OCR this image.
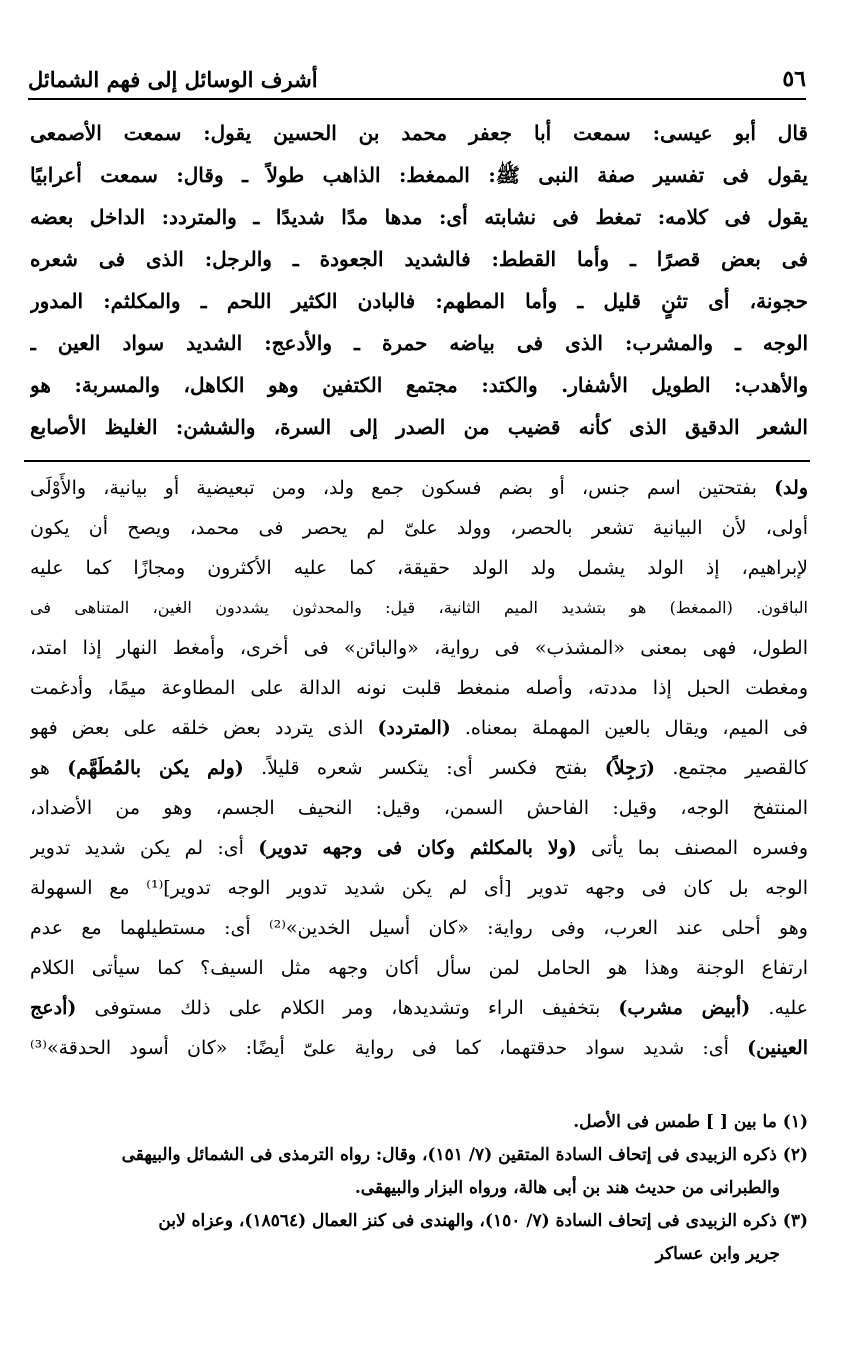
أشرف الوسائل إلى فهم الشمائل	٥٦
قال أبو عيسى: سمعت أبا جعفر محمد بن الحسين يقول: سمعت الأصمعى
يقول فى تفسير صفة النبى ﷺ: الممغط: الذاهب طولاً ـ وقال: سمعت أعرابيًا
يقول فى كلامه: تمغط فى نشابته أى: مدها مدًا شديدًا ـ والمتردد: الداخل بعضه
فى بعض قصرًا ـ وأما القطط: فالشديد الجعودة ـ والرجل: الذى فى شعره
حجونة، أى تثنٍ قليل ـ وأما المطهم: فالبادن الكثير اللحم ـ والمكلثم: المدور
الوجه ـ والمشرب: الذى فى بياضه حمرة ـ والأدعج: الشديد سواد العين ـ
والأهدب: الطويل الأشفار. والكتد: مجتمع الكتفين وهو الكاهل، والمسربة: هو
الشعر الدقيق الذى كأنه قضيب من الصدر إلى السرة، والششن: الغليظ الأصابع
ولد) بفتحتين اسم جنس، أو بضم فسكون جمع ولد، ومن تبعيضية أو بيانية، والأَوْلَى
أولى، لأن البيانية تشعر بالحصر، وولد علىّ لم يحصر فى محمد، ويصح أن يكون
لإبراهيم، إذ الولد يشمل ولد الولد حقيقة، كما عليه الأكثرون ومجازًا كما عليه
الباقون. (الممغط) هو بتشديد الميم الثانية، قيل: والمحدثون يشددون الغين، المتناهى فى
الطول، فهى بمعنى «المشذب» فى رواية، «والبائن» فى أخرى، وأمغط النهار إذا امتد،
ومغطت الحبل إذا مددته، وأصله منمغط قلبت نونه الدالة على المطاوعة ميمًا، وأدغمت
فى الميم، ويقال بالعين المهملة بمعناه. (المتردد) الذى يتردد بعض خلقه على بعض فهو
كالقصير مجتمع. (رَجِلاً) بفتح فكسر أى: يتكسر شعره قليلاً. (ولم يكن بالمُطَهَّم) هو
المنتفخ الوجه، وقيل: الفاحش السمن، وقيل: النحيف الجسم، وهو من الأضداد،
وفسره المصنف بما يأتى (ولا بالمكلثم وكان فى وجهه تدوير) أى: لم يكن شديد تدوير
الوجه بل كان فى وجهه تدوير [أى لم يكن شديد تدوير الوجه تدوير]⁽¹⁾ مع السهولة
وهو أحلى عند العرب، وفى رواية: «كان أسيل الخدين»⁽²⁾ أى: مستطيلهما مع عدم
ارتفاع الوجنة وهذا هو الحامل لمن سأل أكان وجهه مثل السيف؟ كما سيأتى الكلام
عليه. (أبيض مشرب) بتخفيف الراء وتشديدها، ومر الكلام على ذلك مستوفى (أدعج
العينين) أى: شديد سواد حدقتهما، كما فى رواية علىّ أيضًا: «كان أسود الحدقة»⁽³⁾
(١) ما بين [ ] طمس فى الأصل.
(٢) ذكره الزبيدى فى إتحاف السادة المتقين (٧/ ١٥١)، وقال: رواه الترمذى فى الشمائل والبيهقى
والطبرانى من حديث هند بن أبى هالة، ورواه البزار والبيهقى.
(٣) ذكره الزبيدى فى إتحاف السادة (٧/ ١٥٠)، والهندى فى كنز العمال (١٨٥٦٤)، وعزاه لابن
جرير وابن عساكر
